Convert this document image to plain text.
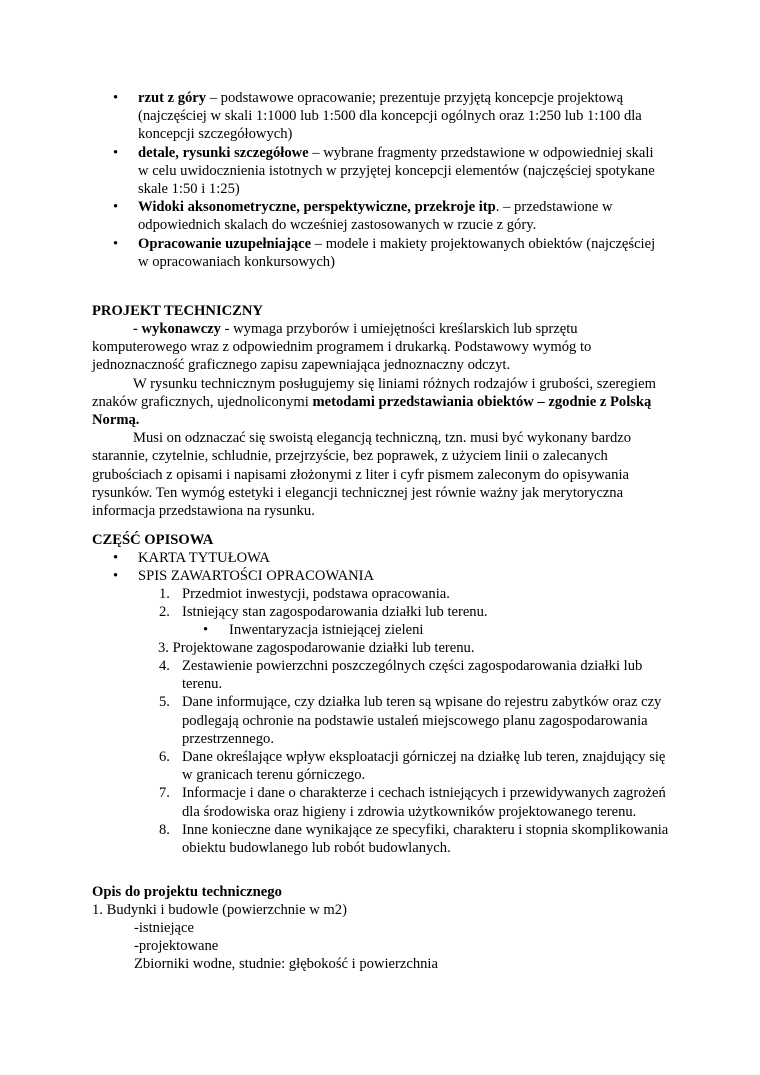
• rzut z góry – podstawowe opracowanie; prezentuje przyjętą koncepcje projektową (najczęściej w skali 1:1000 lub 1:500 dla koncepcji ogólnych oraz 1:250 lub 1:100 dla koncepcji szczegółowych)
• detale, rysunki szczegółowe – wybrane fragmenty przedstawione w odpowiedniej skali w celu uwidocznienia istotnych w przyjętej koncepcji elementów (najczęściej spotykane skale 1:50 i 1:25)
• Widoki aksonometryczne, perspektywiczne, przekroje itp. – przedstawione w odpowiednich skalach do wcześniej zastosowanych w rzucie z góry.
• Opracowanie uzupełniające – modele i makiety projektowanych obiektów (najczęściej w opracowaniach konkursowych)
PROJEKT TECHNICZNY

- wykonawczy - wymaga przyborów i umiejętności kreślarskich lub sprzętu komputerowego wraz z odpowiednim programem i drukarką. Podstawowy wymóg to jednoznaczność graficznego zapisu zapewniająca jednoznaczny odczyt.

W rysunku technicznym posługujemy się liniami różnych rodzajów i grubości, szeregiem znaków graficznych, ujednoliconymi metodami przedstawiania obiektów – zgodnie z Polską Normą.

Musi on odznaczać się swoistą elegancją techniczną, tzn. musi być wykonany bardzo starannie, czytelnie, schludnie, przejrzyście, bez poprawek, z użyciem linii o zalecanych grubościach z opisami i napisami złożonymi z liter i cyfr pismem zaleconym do opisywania rysunków. Ten wymóg estetyki i elegancji technicznej jest równie ważny jak merytoryczna informacja przedstawiona na rysunku.

CZĘŚĆ OPISOWA
• KARTA TYTUŁOWA
• SPIS ZAWARTOŚCI OPRACOWANIA
1. Przedmiot inwestycji, podstawa opracowania.
2. Istniejący stan zagospodarowania działki lub terenu.
• Inwentaryzacja istniejącej zieleni
3. Projektowane zagospodarowanie działki lub terenu.
4. Zestawienie powierzchni poszczególnych części zagospodarowania działki lub terenu.
5. Dane informujące, czy działka lub teren są wpisane do rejestru zabytków oraz czy podlegają ochronie na podstawie ustaleń miejscowego planu zagospodarowania przestrzennego.
6. Dane określające wpływ eksploatacji górniczej na działkę lub teren, znajdujący się w granicach terenu górniczego.
7. Informacje i dane o charakterze i cechach istniejących i przewidywanych zagrożeń dla środowiska oraz higieny i zdrowia użytkowników projektowanego terenu.
8. Inne konieczne dane wynikające ze specyfiki, charakteru i stopnia skomplikowania obiektu budowlanego lub robót budowlanych.
Opis do projektu technicznego
1. Budynki i budowle (powierzchnie w m2)
-istniejące
-projektowane
Zbiorniki wodne, studnie: głębokość i powierzchnia
